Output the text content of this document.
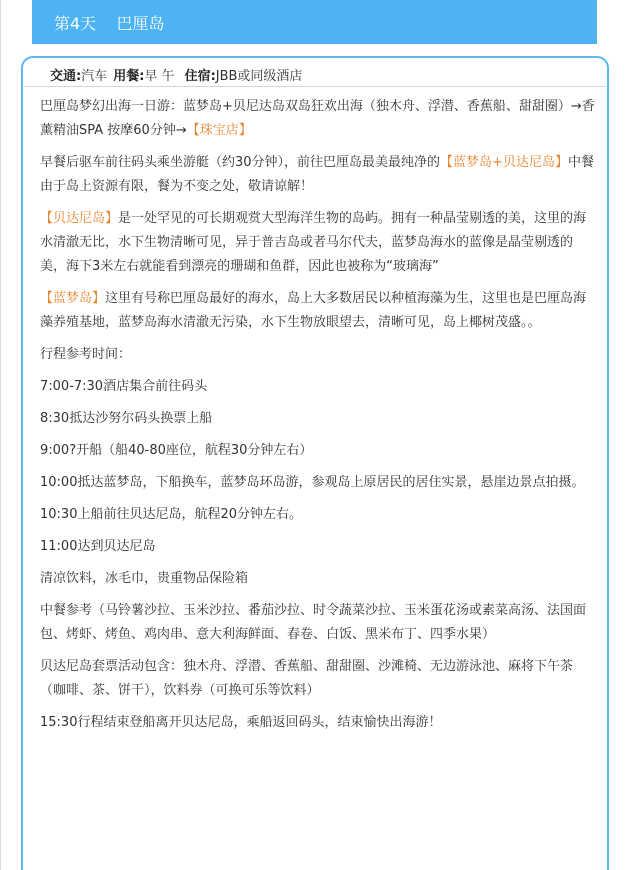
第4天
巴厘岛
交通: 汽车 用餐: 早 午 住宿: JBB或同级酒店

巴厘岛梦幻出海一日游：蓝梦岛+贝尼达岛双岛狂欢出海（独木舟、浮潜、香蕉船、甜甜圈）→香薰精油SPA 按摩60分钟→【珠宝店】

早餐后驱车前往码头乘坐游艇（约30分钟），前往巴厘岛最美最纯净的【蓝梦岛+贝达尼岛】中餐由于岛上资源有限，餐为不变之处，敬请谅解！

【贝达尼岛】是一处罕见的可长期观赏大型海洋生物的岛屿。拥有一种晶莹剔透的美，这里的海水清澈无比，水下生物清晰可见，异于普吉岛或者马尔代夫，蓝梦岛海水的蓝像是晶莹剔透的美，海下3米左右就能看到漂亮的珊瑚和鱼群，因此也被称为“玻璃海”

【蓝梦岛】这里有号称巴厘岛最好的海水，岛上大多数居民以种植海藻为生，这里也是巴厘岛海藻养殖基地，蓝梦岛海水清澈无污染，水下生物放眼望去，清晰可见，岛上椰树茂盛。。

行程参考时间：

7:00-7:30酒店集合前往码头

8:30抵达沙努尔码头换票上船

9:00?开船（船40-80座位，航程30分钟左右）

10:00抵达蓝梦岛，下船换车，蓝梦岛环岛游，参观岛上原居民的居住实景，悬崖边景点拍摄。

10:30上船前往贝达尼岛，航程20分钟左右。

11:00达到贝达尼岛

清凉饮料，冰毛巾，贵重物品保险箱

中餐参考（马铃薯沙拉、玉米沙拉、番茄沙拉、时令蔬菜沙拉、玉米蛋花汤或素菜高汤、法国面包、烤虾、烤鱼、鸡肉串、意大利海鲜面、春卷、白饭、黑米布丁、四季水果）

贝达尼岛套票活动包含：独木舟、浮潜、香蕉船、甜甜圈、沙滩椅、无边游泳池、麻将下午茶（咖啡、茶、饼干），饮料券（可换可乐等饮料）

15:30行程结束登船离开贝达尼岛，乘船返回码头，结束愉快出海游！
